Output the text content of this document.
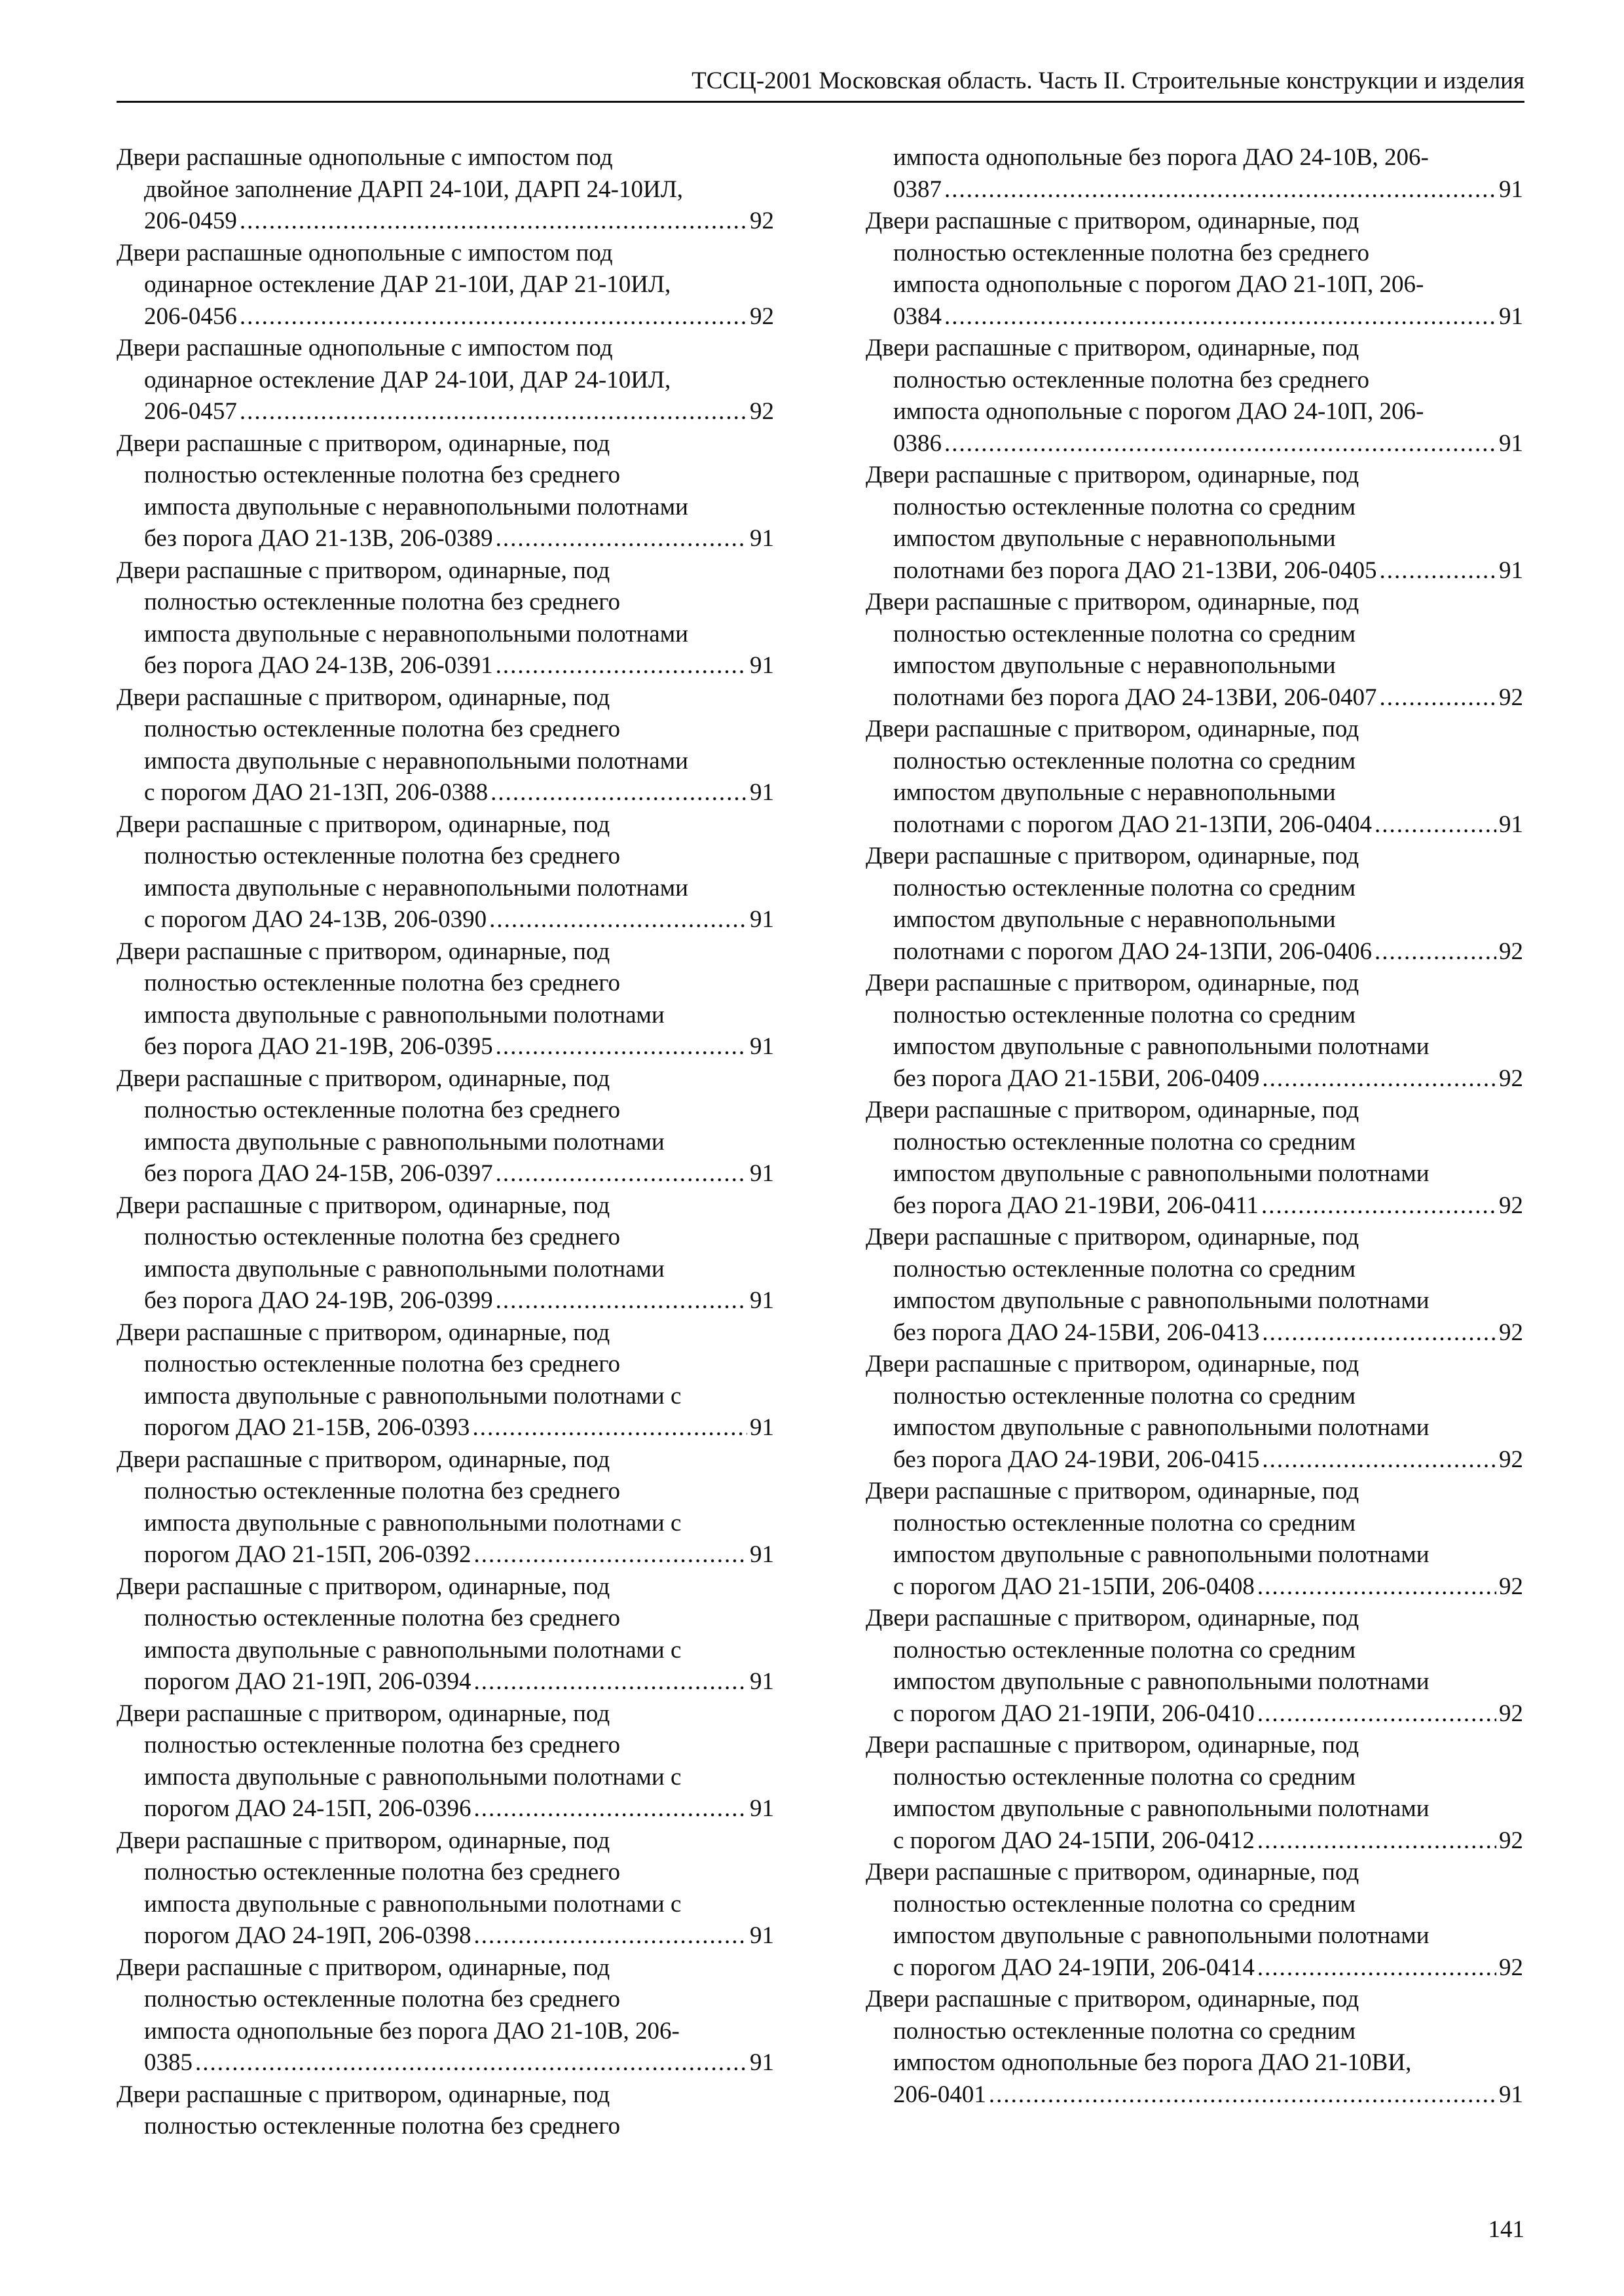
ТССЦ-2001 Московская область. Часть II. Строительные конструкции и изделия
Двери распашные однопольные с импостом под
двойное заполнение ДАРП 24-10И, ДАРП 24-10ИЛ,
206-0459 .....	92
Двери распашные однопольные с импостом под
одинарное остекление ДАР 21-10И, ДАР 21-10ИЛ,
206-0456 .....	92
Двери распашные однопольные с импостом под
одинарное остекление ДАР 24-10И, ДАР 24-10ИЛ,
206-0457 .....	92
Двери распашные с притвором, одинарные, под
полностью остекленные полотна без среднего
импоста двупольные с неравнопольными полотнами
без порога ДАО 21-13В, 206-0389 .....	91
Двери распашные с притвором, одинарные, под
полностью остекленные полотна без среднего
импоста двупольные с неравнопольными полотнами
без порога ДАО 24-13В, 206-0391 .....	91
Двери распашные с притвором, одинарные, под
полностью остекленные полотна без среднего
импоста двупольные с неравнопольными полотнами
с порогом ДАО 21-13П, 206-0388 .....	91
Двери распашные с притвором, одинарные, под
полностью остекленные полотна без среднего
импоста двупольные с неравнопольными полотнами
с порогом ДАО 24-13В, 206-0390 .....	91
Двери распашные с притвором, одинарные, под
полностью остекленные полотна без среднего
импоста двупольные с равнопольными полотнами
без порога ДАО 21-19В, 206-0395 .....	91
Двери распашные с притвором, одинарные, под
полностью остекленные полотна без среднего
импоста двупольные с равнопольными полотнами
без порога ДАО 24-15В, 206-0397 .....	91
Двери распашные с притвором, одинарные, под
полностью остекленные полотна без среднего
импоста двупольные с равнопольными полотнами
без порога ДАО 24-19В, 206-0399 .....	91
Двери распашные с притвором, одинарные, под
полностью остекленные полотна без среднего
импоста двупольные с равнопольными полотнами с
порогом ДАО 21-15В, 206-0393 .....	91
Двери распашные с притвором, одинарные, под
полностью остекленные полотна без среднего
импоста двупольные с равнопольными полотнами с
порогом ДАО 21-15П, 206-0392 .....	91
Двери распашные с притвором, одинарные, под
полностью остекленные полотна без среднего
импоста двупольные с равнопольными полотнами с
порогом ДАО 21-19П, 206-0394 .....	91
Двери распашные с притвором, одинарные, под
полностью остекленные полотна без среднего
импоста двупольные с равнопольными полотнами с
порогом ДАО 24-15П, 206-0396 .....	91
Двери распашные с притвором, одинарные, под
полностью остекленные полотна без среднего
импоста двупольные с равнопольными полотнами с
порогом ДАО 24-19П, 206-0398 .....	91
Двери распашные с притвором, одинарные, под
полностью остекленные полотна без среднего
импоста однопольные без порога ДАО 21-10В, 206-
0385 .....	91
Двери распашные с притвором, одинарные, под
полностью остекленные полотна без среднего
импоста однопольные без порога ДАО 24-10В, 206-
0387 .....	91
Двери распашные с притвором, одинарные, под
полностью остекленные полотна без среднего
импоста однопольные с порогом ДАО 21-10П, 206-
0384 .....	91
Двери распашные с притвором, одинарные, под
полностью остекленные полотна без среднего
импоста однопольные с порогом ДАО 24-10П, 206-
0386 .....	91
Двери распашные с притвором, одинарные, под
полностью остекленные полотна со средним
импостом двупольные с неравнопольными
полотнами без порога ДАО 21-13ВИ, 206-0405 .....	91
Двери распашные с притвором, одинарные, под
полностью остекленные полотна со средним
импостом двупольные с неравнопольными
полотнами без порога ДАО 24-13ВИ, 206-0407 .....	92
Двери распашные с притвором, одинарные, под
полностью остекленные полотна со средним
импостом двупольные с неравнопольными
полотнами с порогом ДАО 21-13ПИ, 206-0404 .....	91
Двери распашные с притвором, одинарные, под
полностью остекленные полотна со средним
импостом двупольные с неравнопольными
полотнами с порогом ДАО 24-13ПИ, 206-0406 .....	92
Двери распашные с притвором, одинарные, под
полностью остекленные полотна со средним
импостом двупольные с равнопольными полотнами
без порога ДАО 21-15ВИ, 206-0409 .....	92
Двери распашные с притвором, одинарные, под
полностью остекленные полотна со средним
импостом двупольные с равнопольными полотнами
без порога ДАО 21-19ВИ, 206-0411 .....	92
Двери распашные с притвором, одинарные, под
полностью остекленные полотна со средним
импостом двупольные с равнопольными полотнами
без порога ДАО 24-15ВИ, 206-0413 .....	92
Двери распашные с притвором, одинарные, под
полностью остекленные полотна со средним
импостом двупольные с равнопольными полотнами
без порога ДАО 24-19ВИ, 206-0415 .....	92
Двери распашные с притвором, одинарные, под
полностью остекленные полотна со средним
импостом двупольные с равнопольными полотнами
с порогом ДАО 21-15ПИ, 206-0408 .....	92
Двери распашные с притвором, одинарные, под
полностью остекленные полотна со средним
импостом двупольные с равнопольными полотнами
с порогом ДАО 21-19ПИ, 206-0410 .....	92
Двери распашные с притвором, одинарные, под
полностью остекленные полотна со средним
импостом двупольные с равнопольными полотнами
с порогом ДАО 24-15ПИ, 206-0412 .....	92
Двери распашные с притвором, одинарные, под
полностью остекленные полотна со средним
импостом двупольные с равнопольными полотнами
с порогом ДАО 24-19ПИ, 206-0414 .....	92
Двери распашные с притвором, одинарные, под
полностью остекленные полотна со средним
импостом однопольные без порога ДАО 21-10ВИ,
206-0401 .....	91
141
